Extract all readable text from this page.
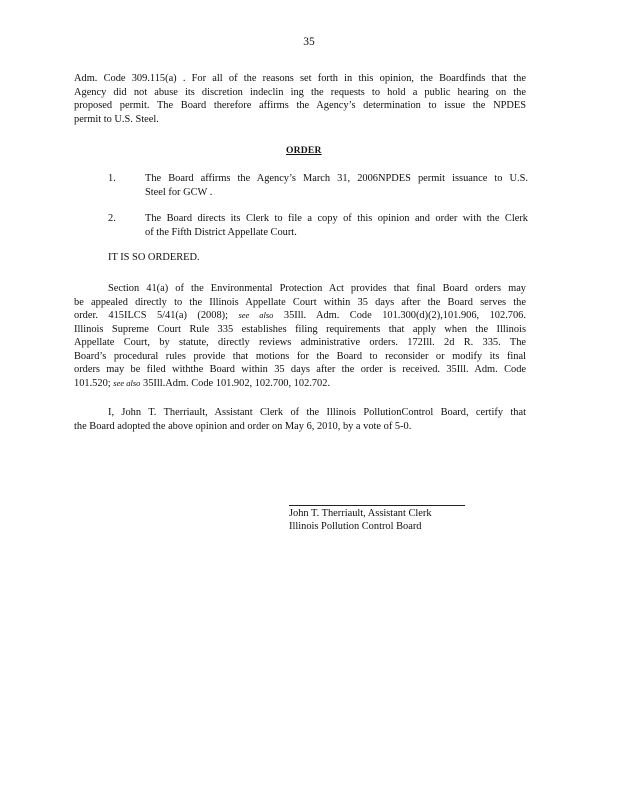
35
Adm. Code 309.115(a) . For all of the reasons set forth in this opinion, the Boardfinds that the
Agency did not abuse its discretion indeclin ing the requests to hold a public hearing on the
proposed permit. The Board therefore affirms the Agency’s determination to issue the NPDES
permit to U.S. Steel.
ORDER
1.	The Board affirms the Agency’s March 31, 2006NPDES permit issuance to U.S.
Steel for GCW .
2.	The Board directs its Clerk to file a copy of this opinion and order with the Clerk
of the Fifth District Appellate Court.
IT IS SO ORDERED.
Section 41(a) of the Environmental Protection Act provides that final Board orders may
be appealed directly to the Illinois Appellate Court within 35 days after the Board serves the
order. 415ILCS 5/41(a) (2008); see also 35Ill. Adm. Code 101.300(d)(2),101.906, 102.706.
Illinois Supreme Court Rule 335 establishes filing requirements that apply when the Illinois
Appellate Court, by statute, directly reviews administrative orders. 172Ill. 2d R. 335. The
Board’s procedural rules provide that motions for the Board to reconsider or modify its final
orders may be filed withthe Board within 35 days after the order is received. 35Ill. Adm. Code
101.520; see also 35Ill.Adm. Code 101.902, 102.700, 102.702.
I, John T. Therriault, Assistant Clerk of the Illinois PollutionControl Board, certify that
the Board adopted the above opinion and order on May 6, 2010, by a vote of 5-0.
John T. Therriault, Assistant Clerk
Illinois Pollution Control Board
